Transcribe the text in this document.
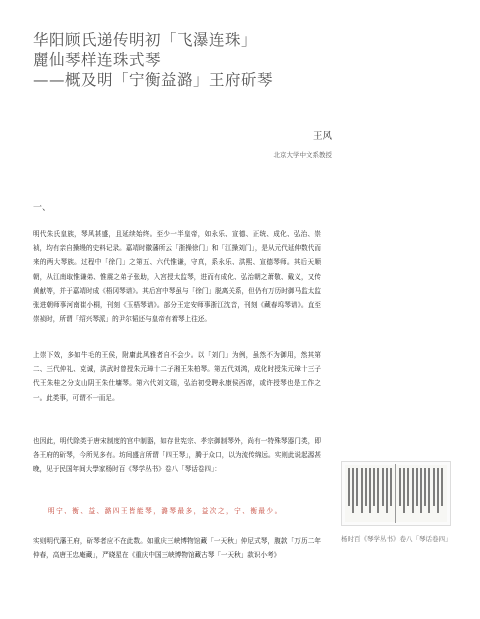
华阳顾氏递传明初「飞瀑连珠」
麗仙琴样连珠式琴
——概及明「宁衡益潞」王府斫琴
王风
北京大学中文系教授
一、
明代朱氏皇族，琴风甚盛，且延续始终。至少一半皇帝，如永乐、宣德、正统、成化、弘治、崇祯，均有亲自操缦的史料记录。嘉靖时徽藩所云「浙操徐门」和「江操刘门」，是从元代延伸数代而来的两大琴族。过程中「徐门」之第五、六代惟谦，守真，系永乐、洪熙、宣德琴师。其后天顺朝，从江南取惟谦弟、惟震之弟子张助，入宫授太监琴，进而有成化、弘治朝之萧敬、戴义，又传黄献等，并于嘉靖时成《梧冈琴谱》。其后宫中琴虽与「徐门」脱离关系，但仍有万历时御马监太监张进朝师事河南崔小桐，刊刻《玉梧琴谱》。部分王定安师事浙江沈音，刊刻《藏春坞琴谱》。直至崇祯时，所谓「绍兴琴派」的尹尔韬还与皇帝有着琴上往还。
上崇下效，多如牛毛的王侯，附庸此风雅者自不会少。以「刘门」为例，虽然不为御用，然其第二、三代仲礼、克诚，洪武时曾授朱元璋十二子湘王朱柏琴。第五代刘鸿，成化时授朱元璋十三子代王朱桂之分支山阴王朱仕墉琴。第六代刘文瑞，弘治初受聘永康侯西席，或许授琴也是工作之一。此类事，可谓不一而足。
也因此，明代除类于唐宋制度的宫中制器，如存世宪宗、孝宗御制琴外，尚有一特殊琴器门类，即各王府的斫琴，今所见多有。坊间盛言所谓「四王琴」，腾于众口，以为流传绵远。实则此说起源甚晚，见于民国年间大學家杨时百《琴学丛书》卷八「琴话卷四」：
明宁、衡、益、潞四王皆能琴，潞琴最多，益次之，宁、衡最少。
实则明代藩王府，斫琴者应不在此数。如重庆三峡博物馆藏「一天秋」仲尼式琴，腹款「万历二年仲春，高唐王忠庵藏」，严晓星在《重庆中国三峡博物馆藏古琴「一天秋」款识小考》
杨时百《琴学丛书》卷八「琴话卷四」
